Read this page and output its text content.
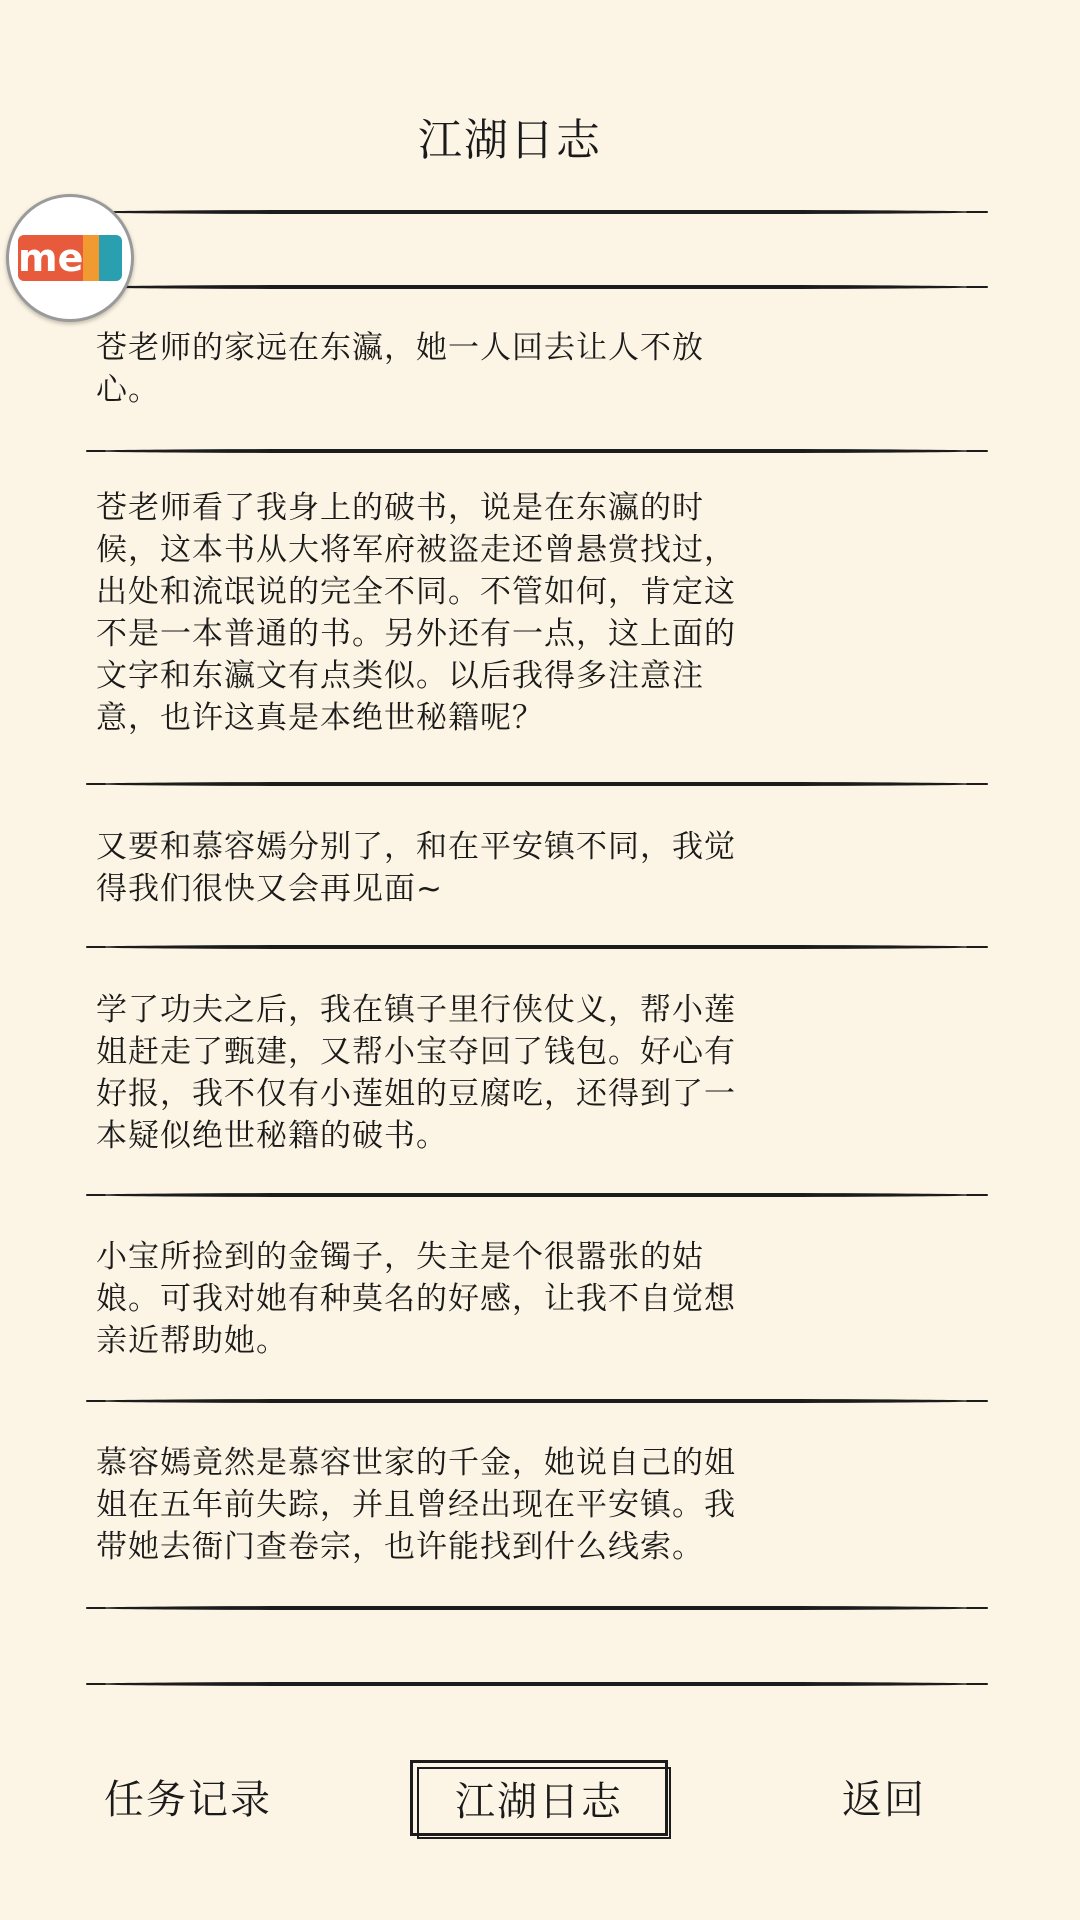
江湖日志
me
苍老师的家远在东瀛，她一人回去让人不放
心。
苍老师看了我身上的破书，说是在东瀛的时
候，这本书从大将军府被盗走还曾悬赏找过，
出处和流氓说的完全不同。不管如何，肯定这
不是一本普通的书。另外还有一点，这上面的
文字和东瀛文有点类似。以后我得多注意注
意，也许这真是本绝世秘籍呢？
又要和慕容嫣分别了，和在平安镇不同，我觉
得我们很快又会再见面~
学了功夫之后，我在镇子里行侠仗义，帮小莲
姐赶走了甄建，又帮小宝夺回了钱包。好心有
好报，我不仅有小莲姐的豆腐吃，还得到了一
本疑似绝世秘籍的破书。
小宝所捡到的金镯子，失主是个很嚣张的姑
娘。可我对她有种莫名的好感，让我不自觉想
亲近帮助她。
慕容嫣竟然是慕容世家的千金，她说自己的姐
姐在五年前失踪，并且曾经出现在平安镇。我
带她去衙门查卷宗，也许能找到什么线索。
任务记录	江湖日志	返回
